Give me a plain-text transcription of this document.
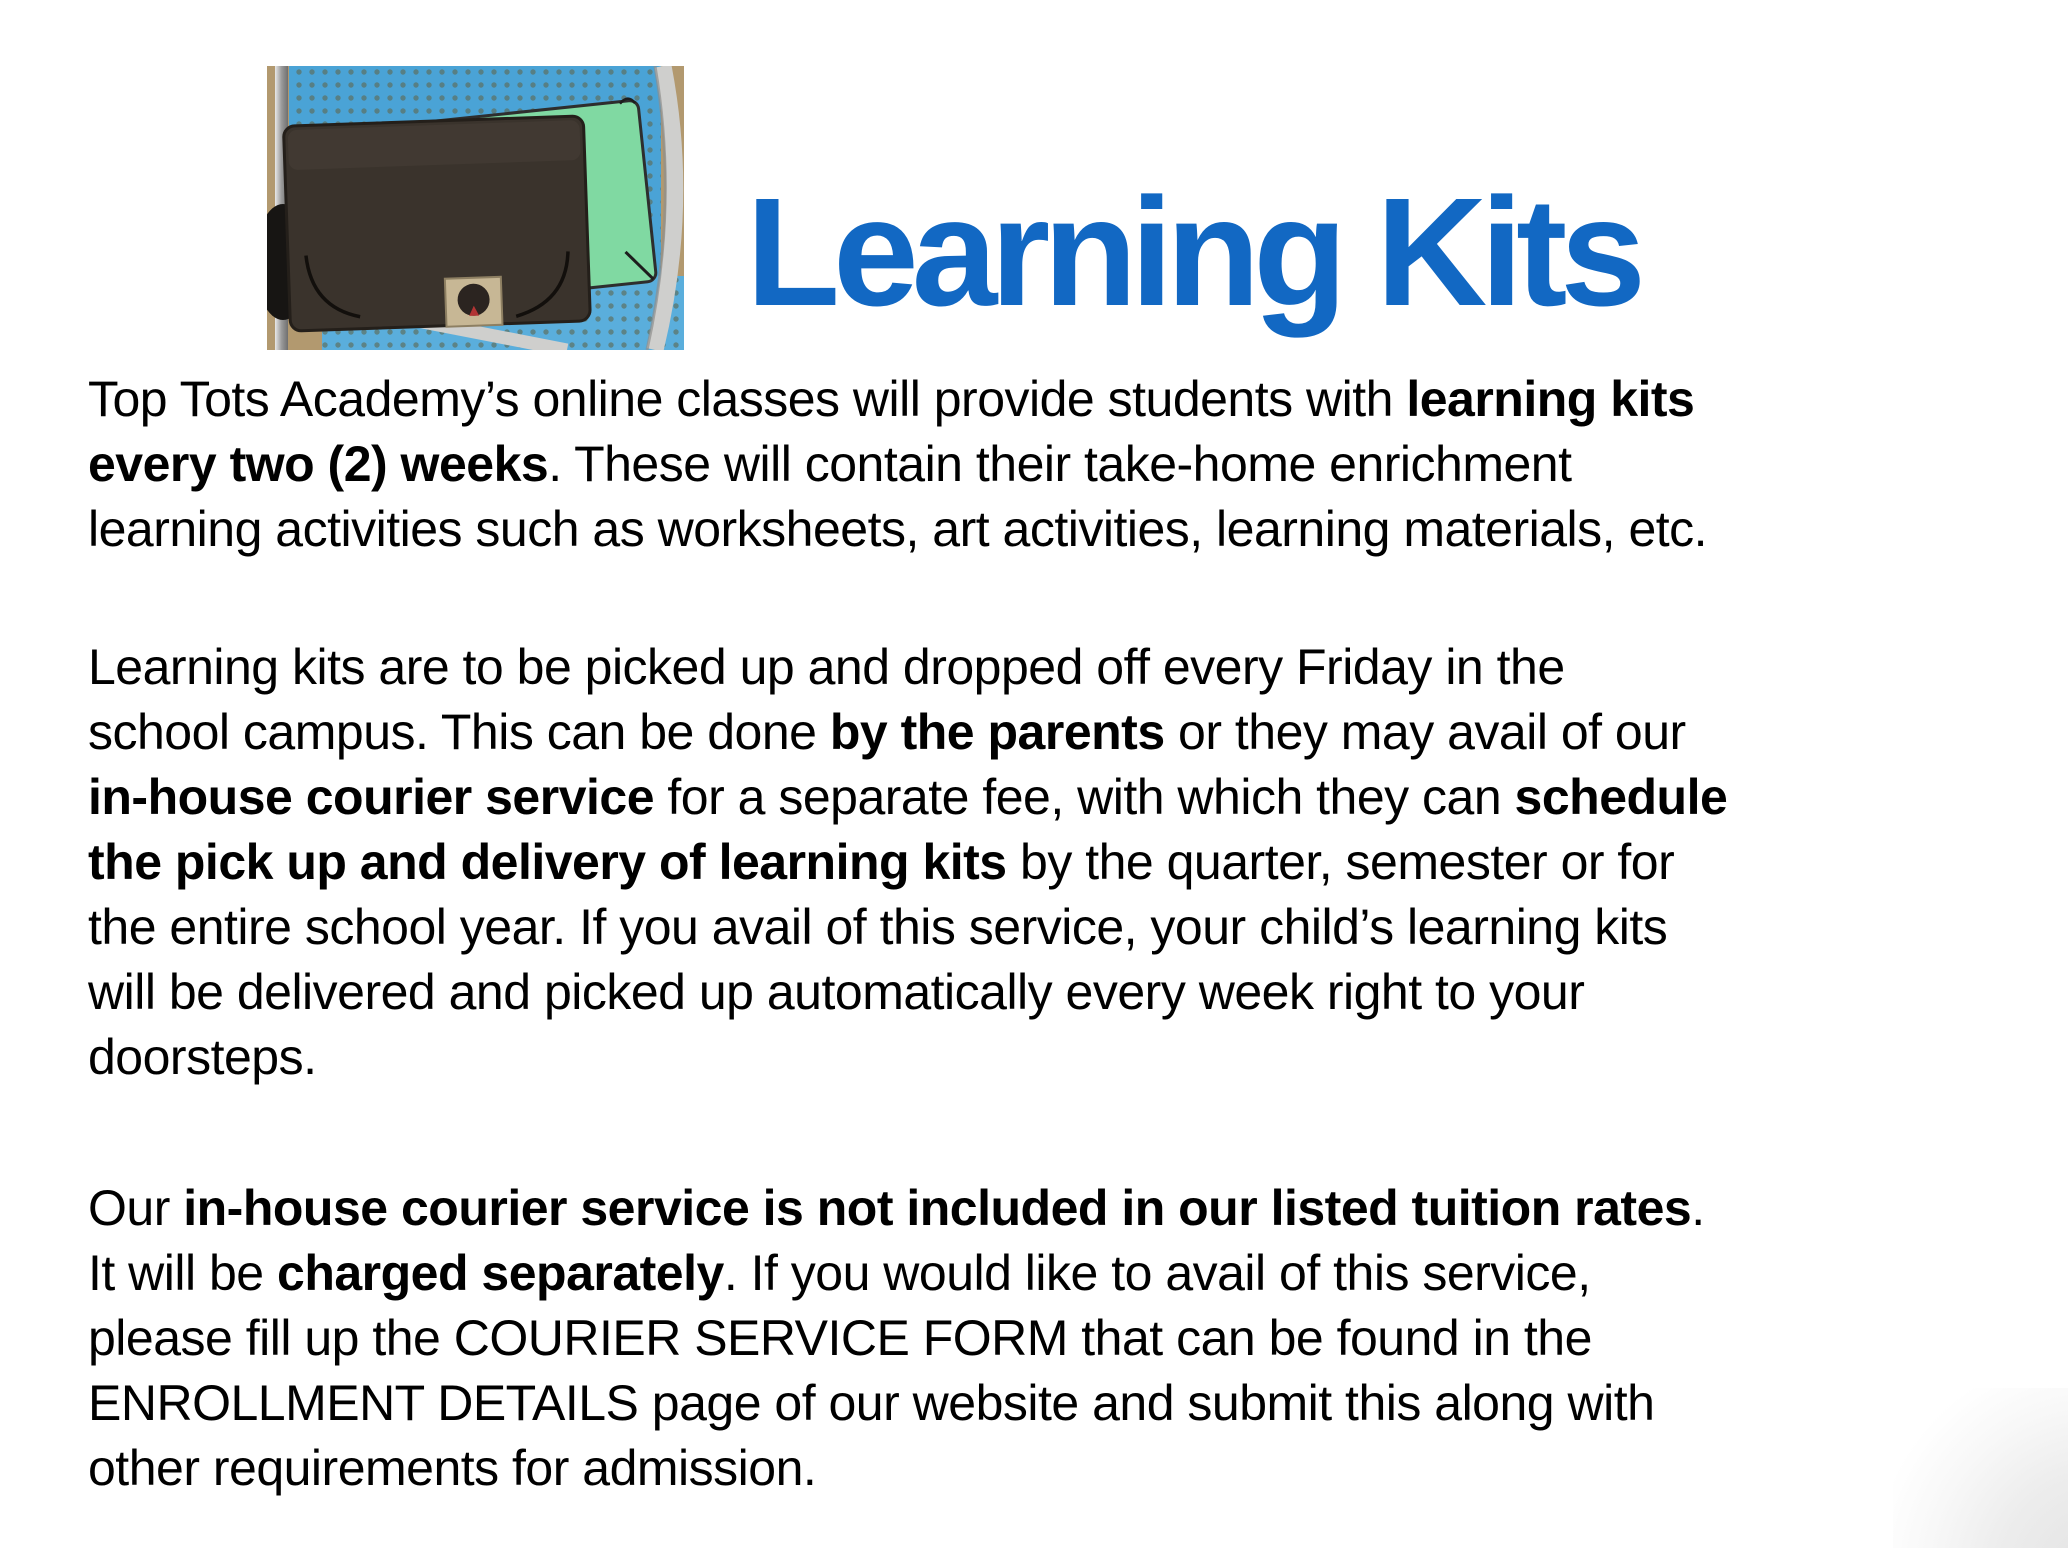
Learning Kits

Top Tots Academy’s online classes will provide students with learning kits
every two (2) weeks. These will contain their take-home enrichment
learning activities such as worksheets, art activities, learning materials, etc.

Learning kits are to be picked up and dropped off every Friday in the
school campus. This can be done by the parents or they may avail of our
in-house courier service for a separate fee, with which they can schedule
the pick up and delivery of learning kits by the quarter, semester or for
the entire school year. If you avail of this service, your child’s learning kits
will be delivered and picked up automatically every week right to your
doorsteps.

Our in-house courier service is not included in our listed tuition rates.
It will be charged separately. If you would like to avail of this service,
please fill up the COURIER SERVICE FORM that can be found in the
ENROLLMENT DETAILS page of our website and submit this along with
other requirements for admission.
